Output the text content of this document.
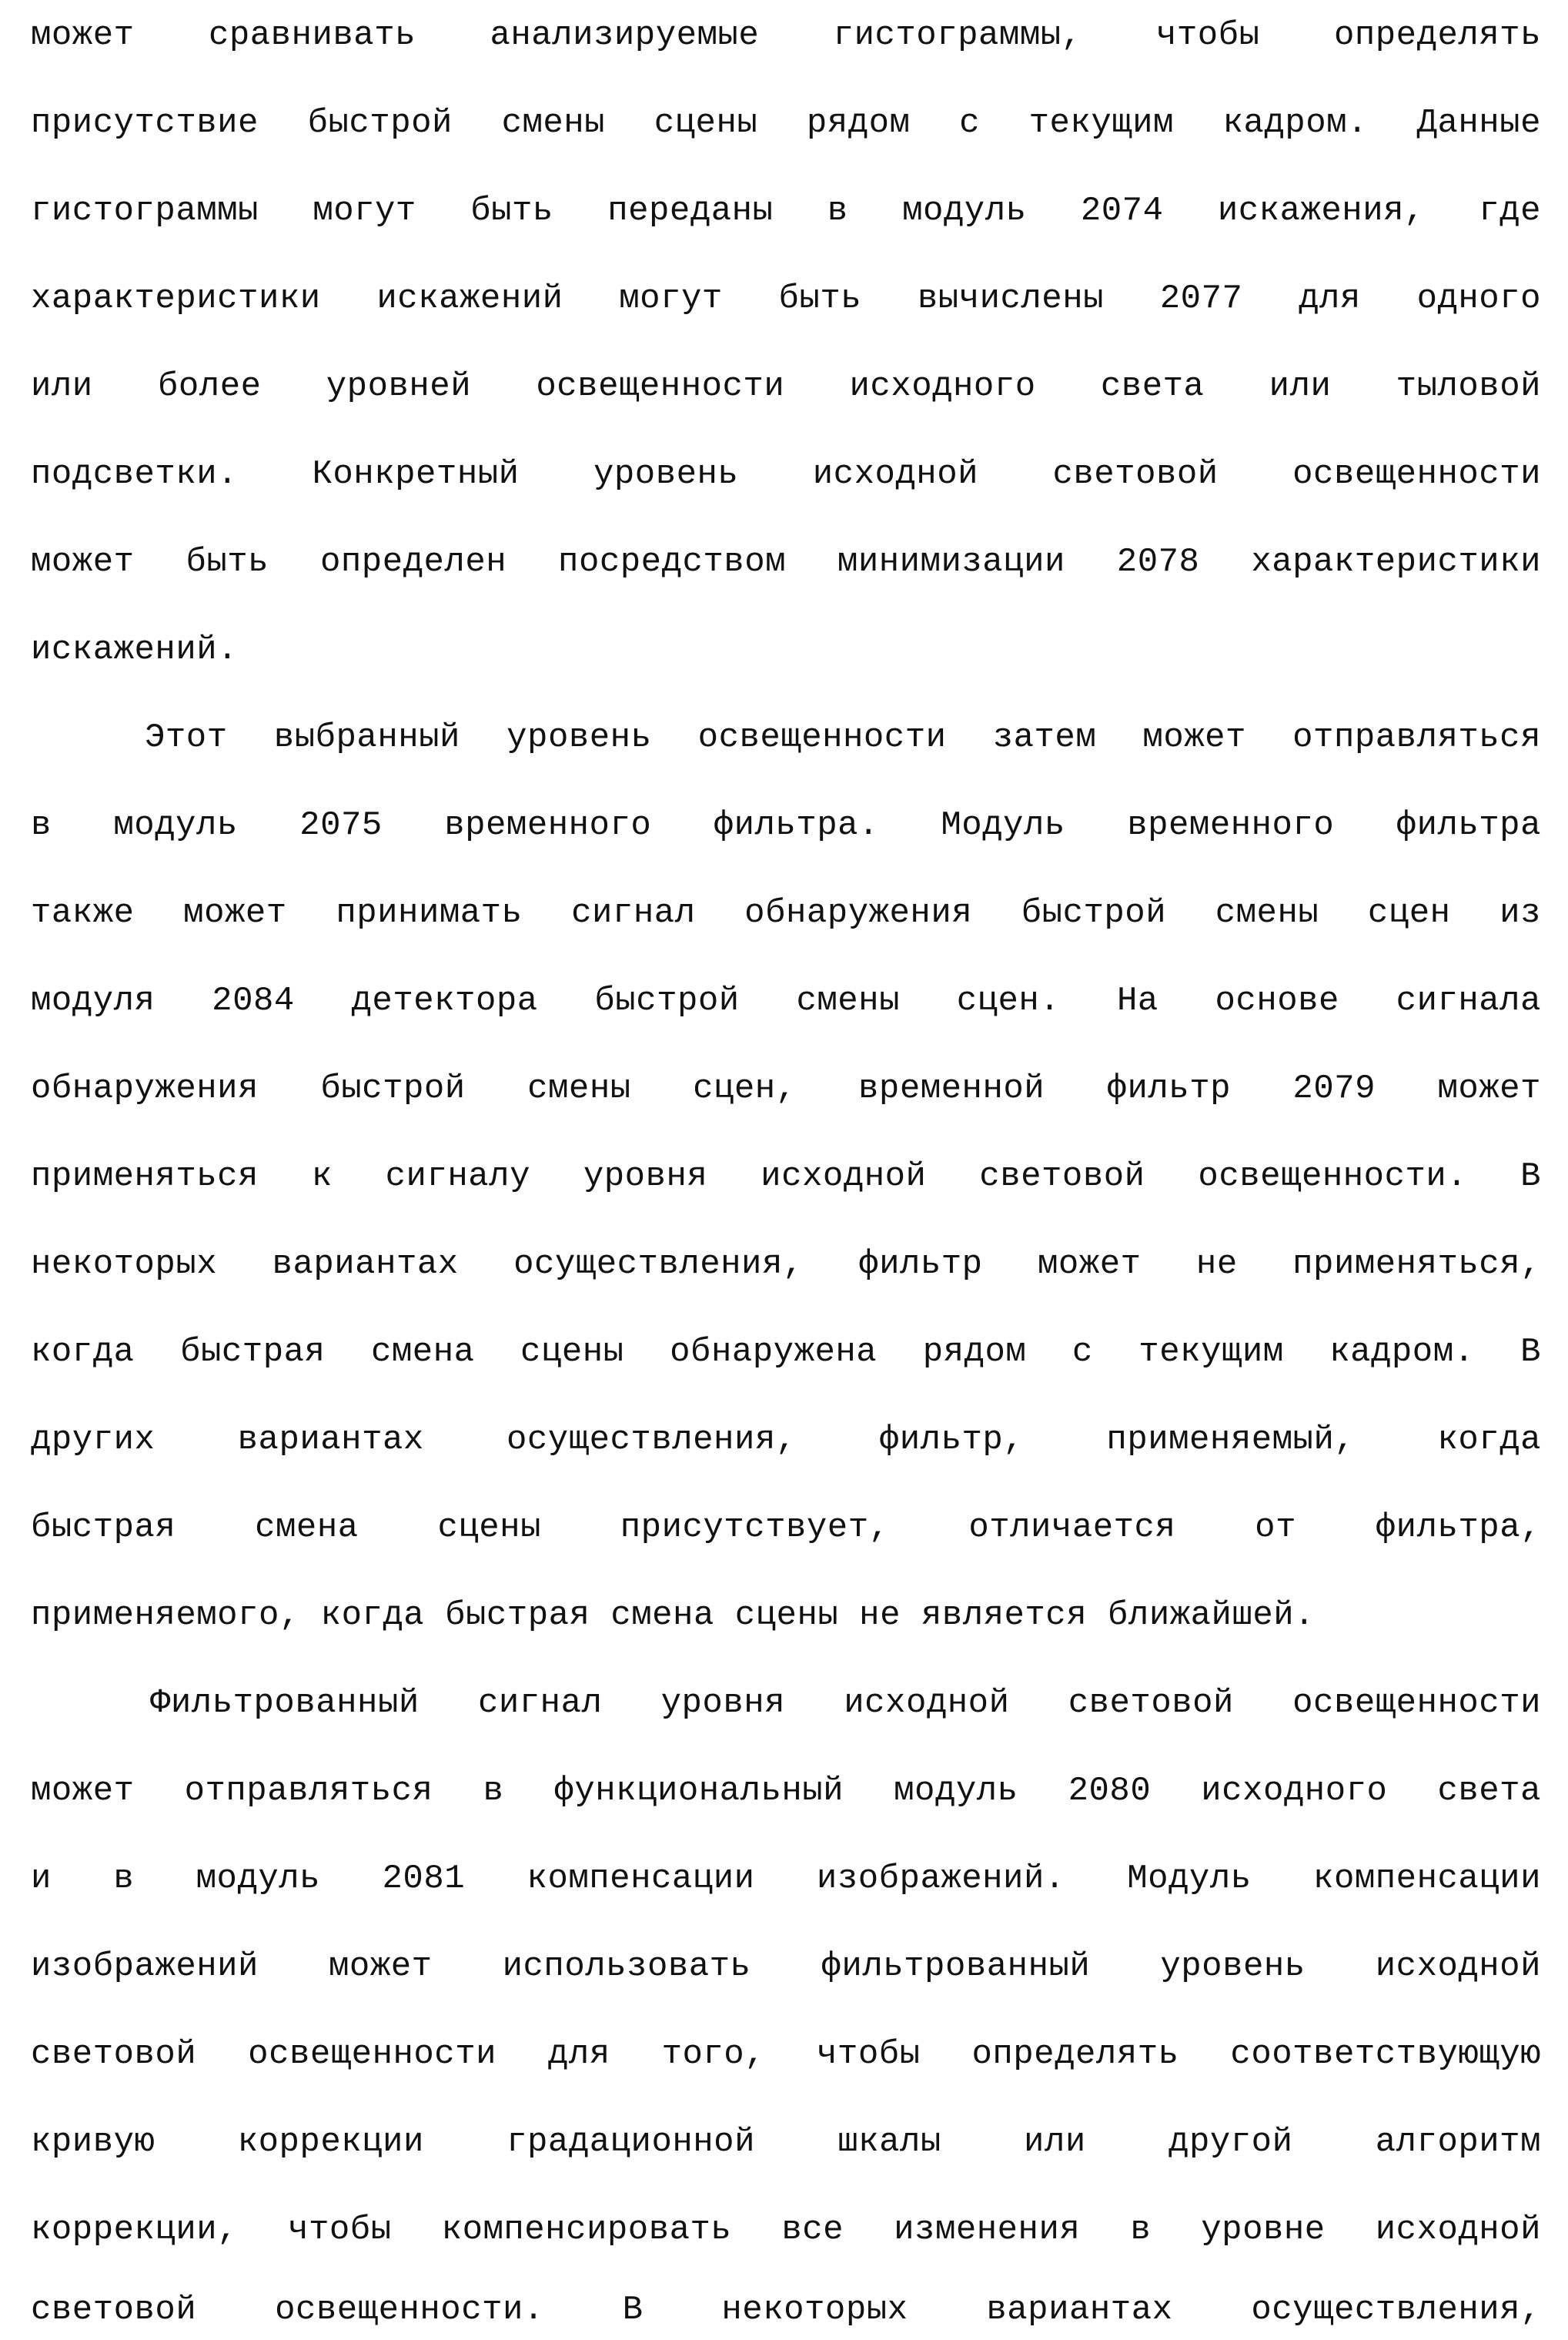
может сравнивать анализируемые гистограммы, чтобы определять
присутствие быстрой смены сцены рядом с текущим кадром. Данные
гистограммы могут быть переданы в модуль 2074 искажения, где
характеристики искажений могут быть вычислены 2077 для одного
или более уровней освещенности исходного света или тыловой
подсветки. Конкретный уровень исходной световой освещенности
может быть определен посредством минимизации 2078 характеристики
искажений.
Этот выбранный уровень освещенности затем может отправляться
в модуль 2075 временного фильтра. Модуль временного фильтра
также может принимать сигнал обнаружения быстрой смены сцен из
модуля 2084 детектора быстрой смены сцен. На основе сигнала
обнаружения быстрой смены сцен, временной фильтр 2079 может
применяться к сигналу уровня исходной световой освещенности. В
некоторых вариантах осуществления, фильтр может не применяться,
когда быстрая смена сцены обнаружена рядом с текущим кадром. В
других вариантах осуществления, фильтр, применяемый, когда
быстрая смена сцены присутствует, отличается от фильтра,
применяемого, когда быстрая смена сцены не является ближайшей.
Фильтрованный сигнал уровня исходной световой освещенности
может отправляться в функциональный модуль 2080 исходного света
и в модуль 2081 компенсации изображений. Модуль компенсации
изображений может использовать фильтрованный уровень исходной
световой освещенности для того, чтобы определять соответствующую
кривую коррекции градационной шкалы или другой алгоритм
коррекции, чтобы компенсировать все изменения в уровне исходной
световой освещенности. В некоторых вариантах осуществления,
